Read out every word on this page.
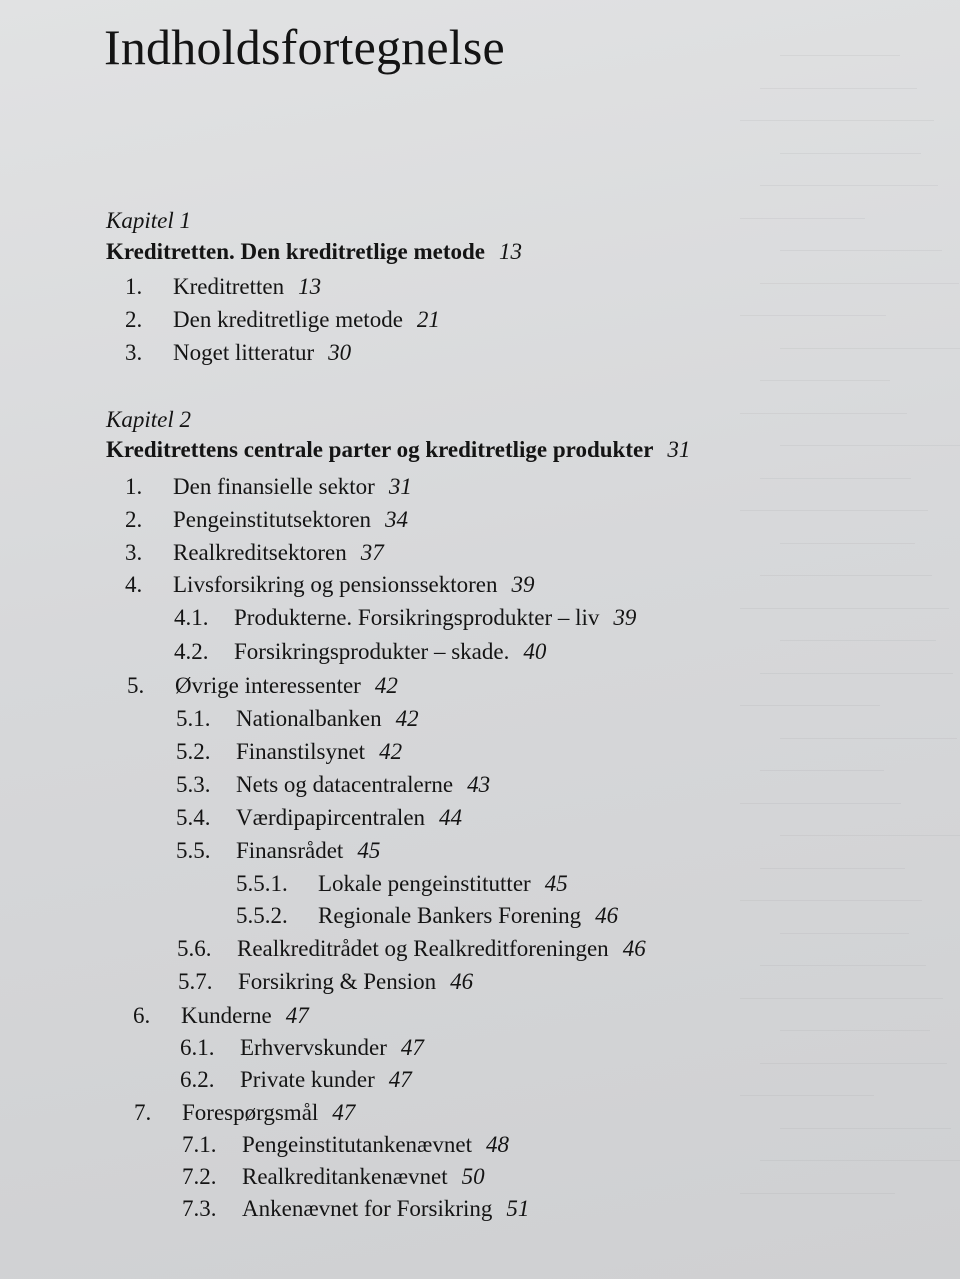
Indholdsfortegnelse
Kapitel 1
Kreditretten. Den kreditretlige metode 13
1. Kreditretten 13
2. Den kreditretlige metode 21
3. Noget litteratur 30
Kapitel 2
Kreditrettens centrale parter og kreditretlige produkter 31
1. Den finansielle sektor 31
2. Pengeinstitutsektoren 34
3. Realkreditsektoren 37
4. Livsforsikring og pensionssektoren 39
4.1. Produkterne. Forsikringsprodukter – liv 39
4.2. Forsikringsprodukter – skade. 40
5. Øvrige interessenter 42
5.1. Nationalbanken 42
5.2. Finanstilsynet 42
5.3. Nets og datacentralerne 43
5.4. Værdipapircentralen 44
5.5. Finansrådet 45
5.5.1. Lokale pengeinstitutter 45
5.5.2. Regionale Bankers Forening 46
5.6. Realkreditrådet og Realkreditforeningen 46
5.7. Forsikring & Pension 46
6. Kunderne 47
6.1. Erhvervskunder 47
6.2. Private kunder 47
7. Forespørgsmål 47
7.1. Pengeinstitutankenævnet 48
7.2. Realkreditankenævnet 50
7.3. Ankenævnet for Forsikring 51
